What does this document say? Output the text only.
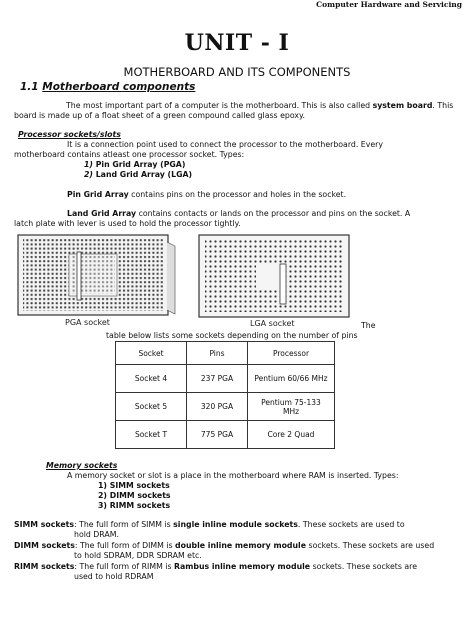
Computer Hardware and Servicing
UNIT - I
MOTHERBOARD AND ITS COMPONENTS
1.1 Motherboard components

The most important part of a computer is the motherboard. This is also called system board. This board is made up of a float sheet of a green compound called glass epoxy.

Processor sockets/slots
It is a connection point used to connect the processor to the motherboard. Every
motherboard contains atleast one processor socket. Types:
1) Pin Grid Array (PGA)
2) Land Grid Array (LGA)
Pin Grid Array contains pins on the processor and holes in the socket.
Land Grid Array contains contacts or lands on the processor and pins on the socket. A
latch plate with lever is used to hold the processor tightly.
PGA socket	LGA socket	The
table below lists some sockets depending on the number of pins
Socket	Pins	Processor
Socket 4	237 PGA	Pentium 60/66 MHz
Socket 5	320 PGA	Pentium 75-133 MHz
Socket T	775 PGA	Core 2 Quad
Memory sockets
A memory socket or slot is a place in the motherboard where RAM is inserted. Types:
1) SIMM sockets
2) DIMM sockets
3) RIMM sockets
SIMM sockets: The full form of SIMM is single inline module sockets. These sockets are used to
hold DRAM.
DIMM sockets: The full form of DIMM is double inline memory module sockets. These sockets are used
to hold SDRAM, DDR SDRAM etc.
RIMM sockets: The full form of RIMM is Rambus inline memory module sockets. These sockets are
used to hold RDRAM
